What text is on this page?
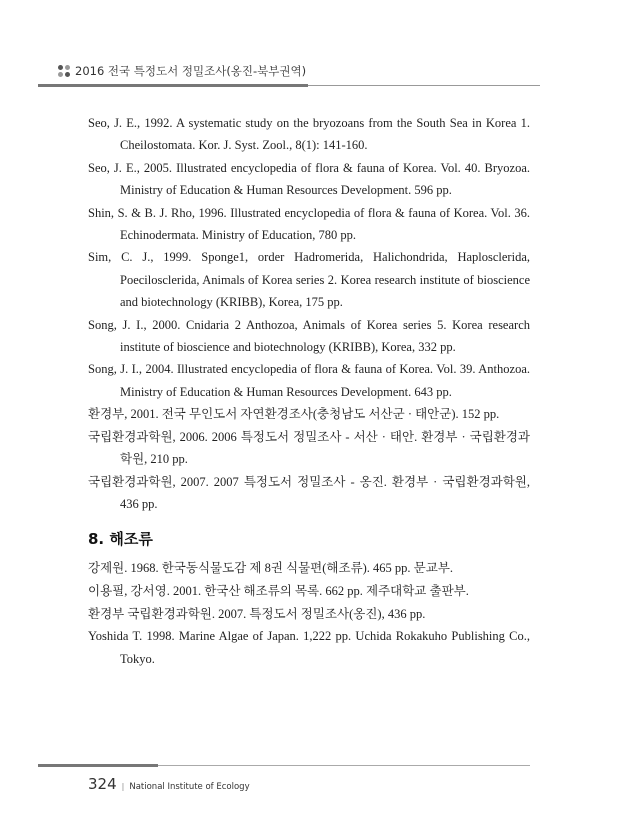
2016 전국 특정도서 정밀조사(옹진-북부권역)

Seo, J. E., 1992. A systematic study on the bryozoans from the South Sea in Korea 1. Cheilostomata. Kor. J. Syst. Zool., 8(1): 141-160.

Seo, J. E., 2005. Illustrated encyclopedia of flora & fauna of Korea. Vol. 40. Bryozoa. Ministry of Education & Human Resources Development. 596 pp.

Shin, S. & B. J. Rho, 1996. Illustrated encyclopedia of flora & fauna of Korea. Vol. 36. Echinodermata. Ministry of Education, 780 pp.

Sim, C. J., 1999. Sponge1, order Hadromerida, Halichondrida, Haplosclerida, Poecilosclerida, Animals of Korea series 2. Korea research institute of bioscience and biotechnology (KRIBB), Korea, 175 pp.

Song, J. I., 2000. Cnidaria 2 Anthozoa, Animals of Korea series 5. Korea research institute of bioscience and biotechnology (KRIBB), Korea, 332 pp.

Song, J. I., 2004. Illustrated encyclopedia of flora & fauna of Korea. Vol. 39. Anthozoa. Ministry of Education & Human Resources Development. 643 pp.

환경부, 2001. 전국 무인도서 자연환경조사(충청남도 서산군 · 태안군). 152 pp.

국립환경과학원, 2006. 2006 특정도서 정밀조사 - 서산 · 태안. 환경부 · 국립환경과학원, 210 pp.

국립환경과학원, 2007. 2007 특정도서 정밀조사 - 옹진. 환경부 · 국립환경과학원, 436 pp.

8. 해조류

강제원. 1968. 한국동식물도감 제 8권 식물편(해조류). 465 pp. 문교부.

이용필, 강서영. 2001. 한국산 해조류의 목록. 662 pp. 제주대학교 출판부.

환경부 국립환경과학원. 2007. 특정도서 정밀조사(옹진), 436 pp.

Yoshida T. 1998. Marine Algae of Japan. 1,222 pp. Uchida Rokakuho Publishing Co., Tokyo.

324 | National Institute of Ecology
